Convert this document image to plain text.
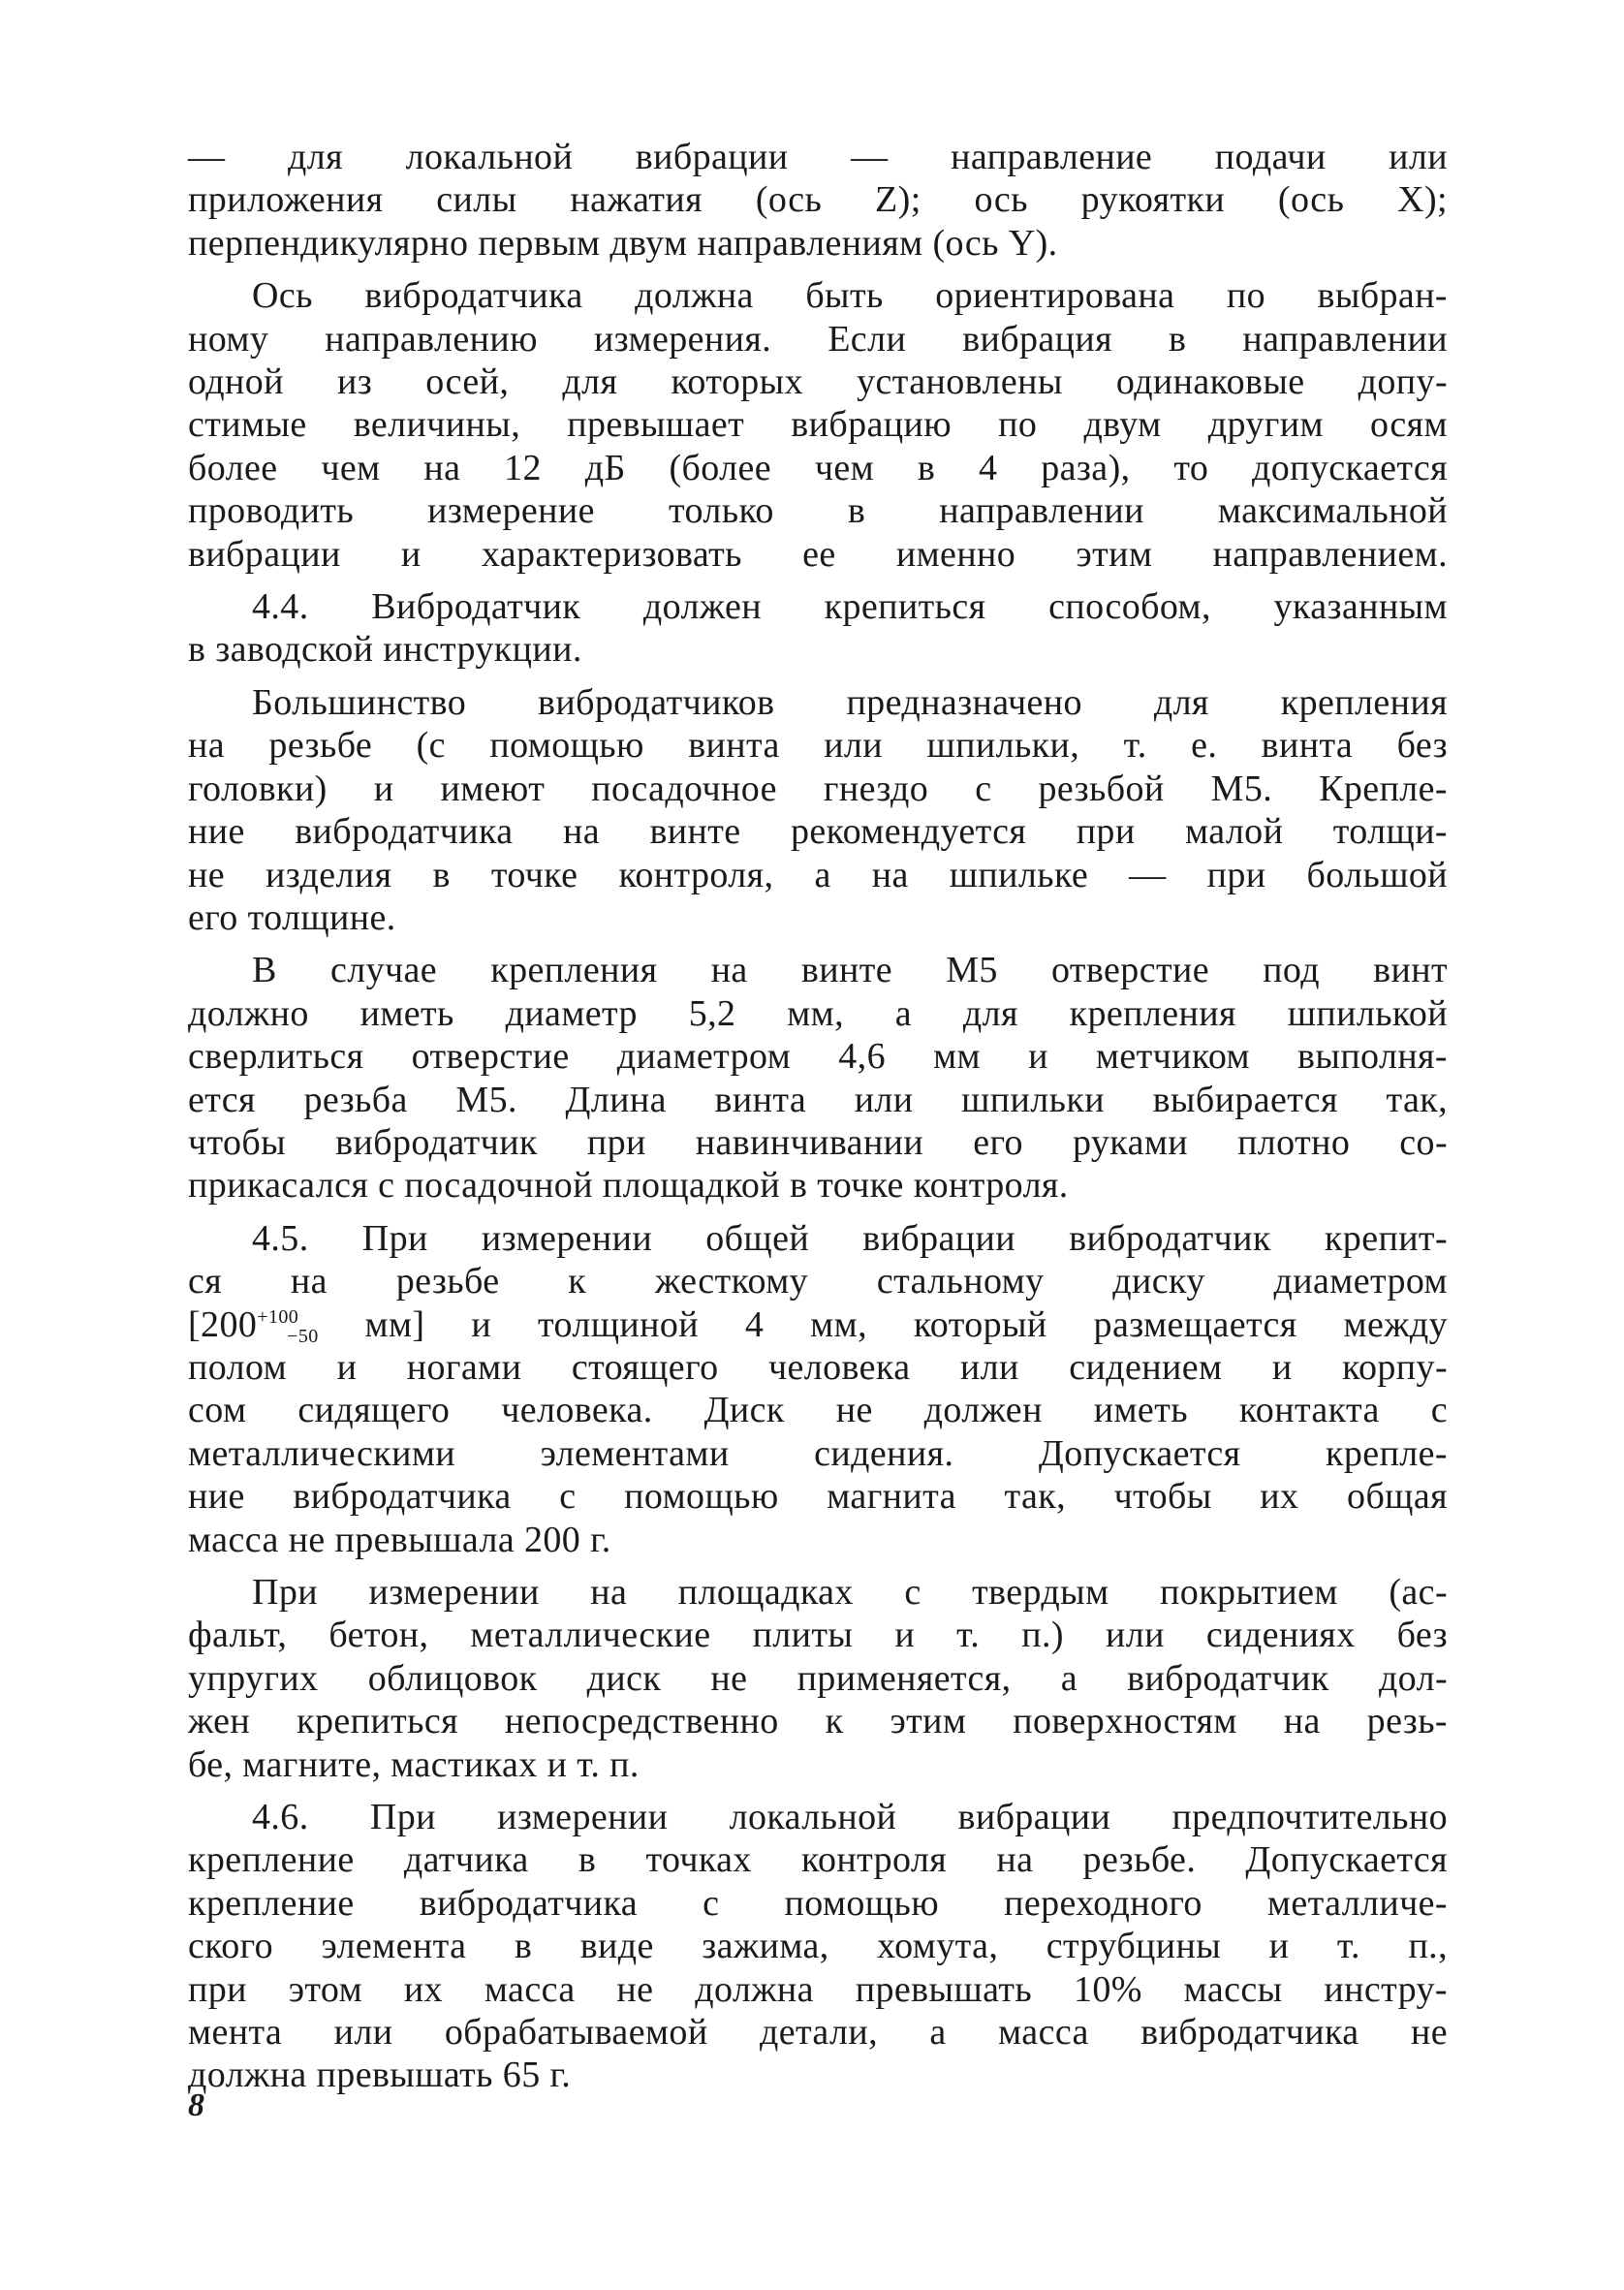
— для локальной вибрации — направление подачи или
приложения силы нажатия (ось Z); ось рукоятки (ось X);
перпендикулярно первым двум направлениям (ось Y).

Ось вибродатчика должна быть ориентирована по выбран-
ному направлению измерения. Если вибрация в направлении
одной из осей, для которых установлены одинаковые допу-
стимые величины, превышает вибрацию по двум другим осям
более чем на 12 дБ (более чем в 4 раза), то допускается
проводить измерение только в направлении максимальной
вибрации и характеризовать ее именно этим направлением.

4.4. Вибродатчик должен крепиться способом, указанным
в заводской инструкции.

Большинство вибродатчиков предназначено для крепления
на резьбе (с помощью винта или шпильки, т. е. винта без
головки) и имеют посадочное гнездо с резьбой М5. Крепле-
ние вибродатчика на винте рекомендуется при малой толщи-
не изделия в точке контроля, а на шпильке — при большой
его толщине.

В случае крепления на винте М5 отверстие под винт
должно иметь диаметр 5,2 мм, а для крепления шпилькой
сверлиться отверстие диаметром 4,6 мм и метчиком выполня-
ется резьба М5. Длина винта или шпильки выбирается так,
чтобы вибродатчик при навинчивании его руками плотно со-
прикасался с посадочной площадкой в точке контроля.

4.5. При измерении общей вибрации вибродатчик крепит-
ся на резьбе к жесткому стальному диску диаметром
[$200^{+100}_{-50}$ мм] и толщиной 4 мм, который размещается между
полом и ногами стоящего человека или сидением и корпу-
сом сидящего человека. Диск не должен иметь контакта с
металлическими элементами сидения. Допускается крепле-
ние вибродатчика с помощью магнита так, чтобы их общая
масса не превышала 200 г.

При измерении на площадках с твердым покрытием (ас-
фальт, бетон, металлические плиты и т. п.) или сидениях без
упругих облицовок диск не применяется, а вибродатчик дол-
жен крепиться непосредственно к этим поверхностям на резь-
бе, магните, мастиках и т. п.

4.6. При измерении локальной вибрации предпочтительно
крепление датчика в точках контроля на резьбе. Допускается
крепление вибродатчика с помощью переходного металличе-
ского элемента в виде зажима, хомута, струбцины и т. п.,
при этом их масса не должна превышать 10% массы инстру-
мента или обрабатываемой детали, а масса вибродатчика не
должна превышать 65 г.

8
